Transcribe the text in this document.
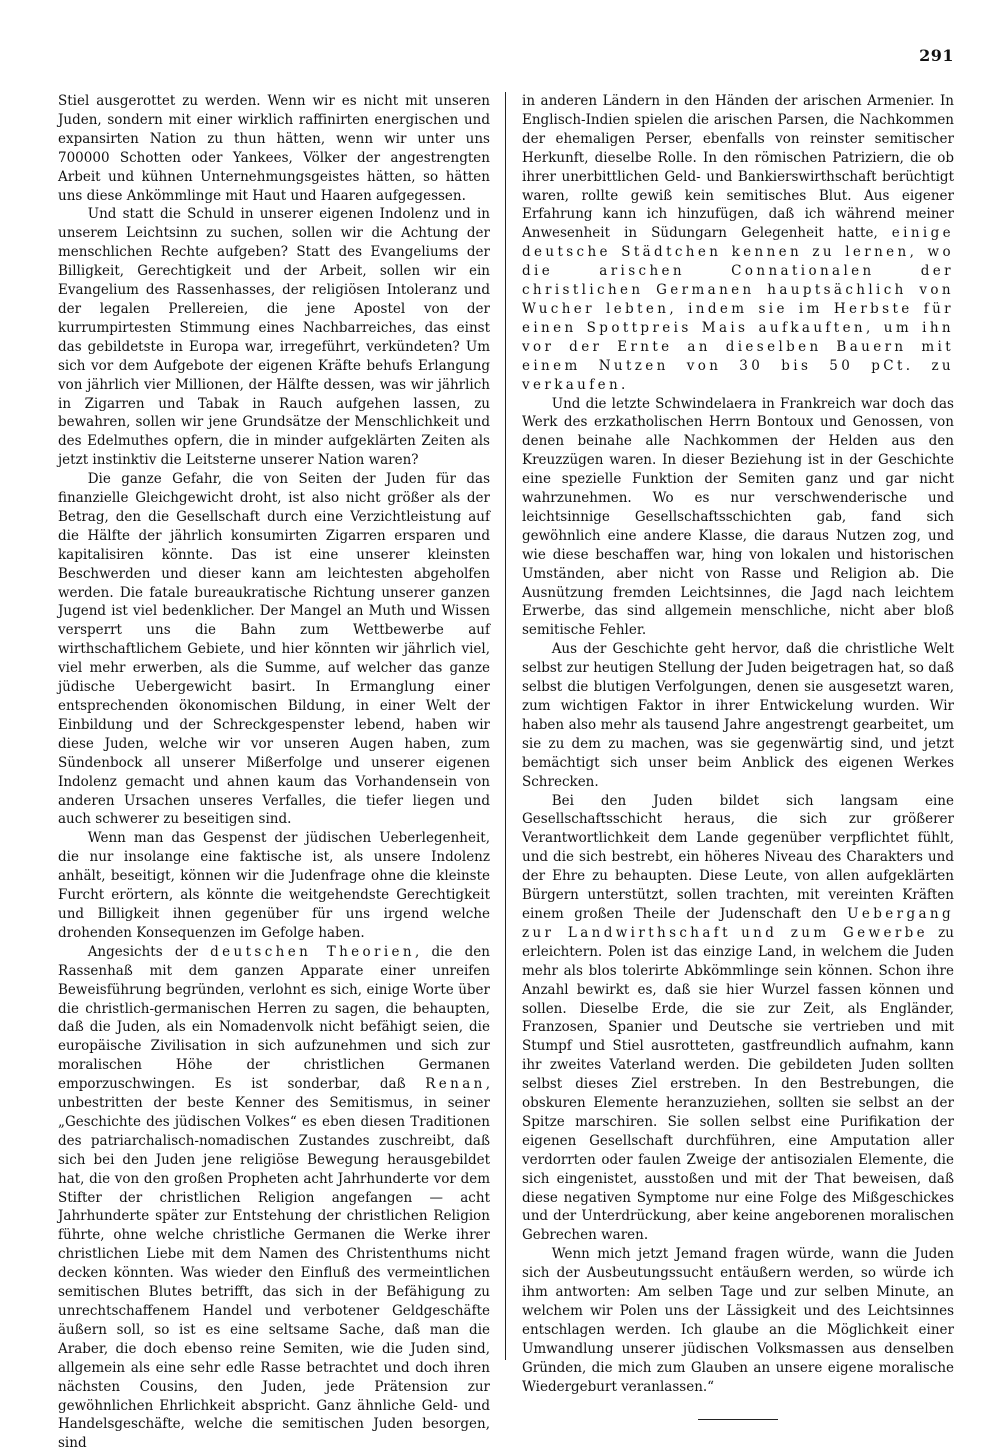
291

Stiel ausgerottet zu werden. Wenn wir es nicht mit unseren Juden, sondern mit einer wirklich raffinirten energischen und expansirten Nation zu thun hätten, wenn wir unter uns 700000 Schotten oder Yankees, Völker der angestrengten Arbeit und kühnen Unternehmungsgeistes hätten, so hätten uns diese Ankömmlinge mit Haut und Haaren aufgegessen.

Und statt die Schuld in unserer eigenen Indolenz und in unserem Leichtsinn zu suchen, sollen wir die Achtung der menschlichen Rechte aufgeben? Statt des Evangeliums der Billigkeit, Gerechtigkeit und der Arbeit, sollen wir ein Evangelium des Rassenhasses, der religiösen Intoleranz und der legalen Prellereien, die jene Apostel von der kurrumpirtesten Stimmung eines Nachbarreiches, das einst das gebildetste in Europa war, irregeführt, verkündeten? Um sich vor dem Aufgebote der eigenen Kräfte behufs Erlangung von jährlich vier Millionen, der Hälfte dessen, was wir jährlich in Zigarren und Tabak in Rauch aufgehen lassen, zu bewahren, sollen wir jene Grundsätze der Menschlichkeit und des Edelmuthes opfern, die in minder aufgeklärten Zeiten als jetzt instinktiv die Leitsterne unserer Nation waren?

Die ganze Gefahr, die von Seiten der Juden für das finanzielle Gleichgewicht droht, ist also nicht größer als der Betrag, den die Gesellschaft durch eine Verzichtleistung auf die Hälfte der jährlich konsumirten Zigarren ersparen und kapitalisiren könnte. Das ist eine unserer kleinsten Beschwerden und dieser kann am leichtesten abgeholfen werden. Die fatale bureaukratische Richtung unserer ganzen Jugend ist viel bedenklicher. Der Mangel an Muth und Wissen versperrt uns die Bahn zum Wettbewerbe auf wirthschaftlichem Gebiete, und hier könnten wir jährlich viel, viel mehr erwerben, als die Summe, auf welcher das ganze jüdische Uebergewicht basirt. In Ermanglung einer entsprechenden ökonomischen Bildung, in einer Welt der Einbildung und der Schreckgespenster lebend, haben wir diese Juden, welche wir vor unseren Augen haben, zum Sündenbock all unserer Mißerfolge und unserer eigenen Indolenz gemacht und ahnen kaum das Vorhandensein von anderen Ursachen unseres Verfalles, die tiefer liegen und auch schwerer zu beseitigen sind.

Wenn man das Gespenst der jüdischen Ueberlegenheit, die nur insolange eine faktische ist, als unsere Indolenz anhält, beseitigt, können wir die Judenfrage ohne die kleinste Furcht erörtern, als könnte die weitgehendste Gerechtigkeit und Billigkeit ihnen gegenüber für uns irgend welche drohenden Konsequenzen im Gefolge haben.

Angesichts der deutschen Theorien, die den Rassenhaß mit dem ganzen Apparate einer unreifen Beweisführung begründen, verlohnt es sich, einige Worte über die christlich-germanischen Herren zu sagen, die behaupten, daß die Juden, als ein Nomadenvolk nicht befähigt seien, die europäische Zivilisation in sich aufzunehmen und sich zur moralischen Höhe der christlichen Germanen emporzuschwingen. Es ist sonderbar, daß Renan, unbestritten der beste Kenner des Semitismus, in seiner „Geschichte des jüdischen Volkes“ es eben diesen Traditionen des patriarchalisch-nomadischen Zustandes zuschreibt, daß sich bei den Juden jene religiöse Bewegung herausgebildet hat, die von den großen Propheten acht Jahrhunderte vor dem Stifter der christlichen Religion angefangen — acht Jahrhunderte später zur Entstehung der christlichen Religion führte, ohne welche christliche Germanen die Werke ihrer christlichen Liebe mit dem Namen des Christenthums nicht decken könnten. Was wieder den Einfluß des vermeintlichen semitischen Blutes betrifft, das sich in der Befähigung zu unrechtschaffenem Handel und verbotener Geldgeschäfte äußern soll, so ist es eine seltsame Sache, daß man die Araber, die doch ebenso reine Semiten, wie die Juden sind, allgemein als eine sehr edle Rasse betrachtet und doch ihren nächsten Cousins, den Juden, jede Prätension zur gewöhnlichen Ehrlichkeit abspricht. Ganz ähnliche Geld- und Handelsgeschäfte, welche die semitischen Juden besorgen, sind

in anderen Ländern in den Händen der arischen Armenier. In Englisch-Indien spielen die arischen Parsen, die Nachkommen der ehemaligen Perser, ebenfalls von reinster semitischer Herkunft, dieselbe Rolle. In den römischen Patriziern, die ob ihrer unerbittlichen Geld- und Bankierswirthschaft berüchtigt waren, rollte gewiß kein semitisches Blut. Aus eigener Erfahrung kann ich hinzufügen, daß ich während meiner Anwesenheit in Südungarn Gelegenheit hatte, einige deutsche Städtchen kennen zu lernen, wo die arischen Connationalen der christlichen Germanen hauptsächlich von Wucher lebten, indem sie im Herbste für einen Spottpreis Mais aufkauften, um ihn vor der Ernte an dieselben Bauern mit einem Nutzen von 30 bis 50 pCt. zu verkaufen.

Und die letzte Schwindelaera in Frankreich war doch das Werk des erzkatholischen Herrn Bontoux und Genossen, von denen beinahe alle Nachkommen der Helden aus den Kreuzzügen waren. In dieser Beziehung ist in der Geschichte eine spezielle Funktion der Semiten ganz und gar nicht wahrzunehmen. Wo es nur verschwenderische und leichtsinnige Gesellschaftsschichten gab, fand sich gewöhnlich eine andere Klasse, die daraus Nutzen zog, und wie diese beschaffen war, hing von lokalen und historischen Umständen, aber nicht von Rasse und Religion ab. Die Ausnützung fremden Leichtsinnes, die Jagd nach leichtem Erwerbe, das sind allgemein menschliche, nicht aber bloß semitische Fehler.

Aus der Geschichte geht hervor, daß die christliche Welt selbst zur heutigen Stellung der Juden beigetragen hat, so daß selbst die blutigen Verfolgungen, denen sie ausgesetzt waren, zum wichtigen Faktor in ihrer Entwickelung wurden. Wir haben also mehr als tausend Jahre angestrengt gearbeitet, um sie zu dem zu machen, was sie gegenwärtig sind, und jetzt bemächtigt sich unser beim Anblick des eigenen Werkes Schrecken.

Bei den Juden bildet sich langsam eine Gesellschaftsschicht heraus, die sich zur größerer Verantwortlichkeit dem Lande gegenüber verpflichtet fühlt, und die sich bestrebt, ein höheres Niveau des Charakters und der Ehre zu behaupten. Diese Leute, von allen aufgeklärten Bürgern unterstützt, sollen trachten, mit vereinten Kräften einem großen Theile der Judenschaft den Uebergang zur Landwirthschaft und zum Gewerbe zu erleichtern. Polen ist das einzige Land, in welchem die Juden mehr als blos tolerirte Abkömmlinge sein können. Schon ihre Anzahl bewirkt es, daß sie hier Wurzel fassen können und sollen. Dieselbe Erde, die sie zur Zeit, als Engländer, Franzosen, Spanier und Deutsche sie vertrieben und mit Stumpf und Stiel ausrotteten, gastfreundlich aufnahm, kann ihr zweites Vaterland werden. Die gebildeten Juden sollten selbst dieses Ziel erstreben. In den Bestrebungen, die obskuren Elemente heranzuziehen, sollten sie selbst an der Spitze marschiren. Sie sollen selbst eine Purifikation der eigenen Gesellschaft durchführen, eine Amputation aller verdorrten oder faulen Zweige der antisozialen Elemente, die sich eingenistet, ausstoßen und mit der That beweisen, daß diese negativen Symptome nur eine Folge des Mißgeschickes und der Unterdrückung, aber keine angeborenen moralischen Gebrechen waren.

Wenn mich jetzt Jemand fragen würde, wann die Juden sich der Ausbeutungssucht entäußern werden, so würde ich ihm antworten: Am selben Tage und zur selben Minute, an welchem wir Polen uns der Lässigkeit und des Leichtsinnes entschlagen werden. Ich glaube an die Möglichkeit einer Umwandlung unserer jüdischen Volksmassen aus denselben Gründen, die mich zum Glauben an unsere eigene moralische Wiedergeburt veranlassen.“
